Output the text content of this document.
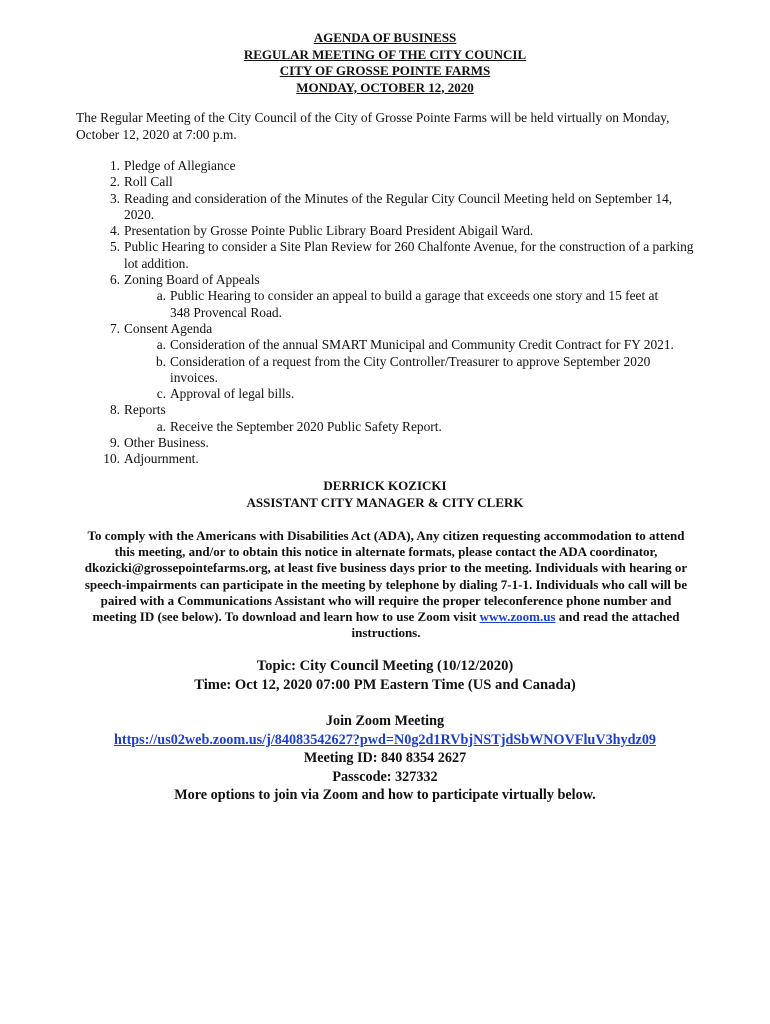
AGENDA OF BUSINESS
REGULAR MEETING OF THE CITY COUNCIL
CITY OF GROSSE POINTE FARMS
MONDAY, OCTOBER 12, 2020
The Regular Meeting of the City Council of the City of Grosse Pointe Farms will be held virtually on Monday, October 12, 2020 at 7:00 p.m.
1. Pledge of Allegiance
2. Roll Call
3. Reading and consideration of the Minutes of the Regular City Council Meeting held on September 14, 2020.
4. Presentation by Grosse Pointe Public Library Board President Abigail Ward.
5. Public Hearing to consider a Site Plan Review for 260 Chalfonte Avenue, for the construction of a parking lot addition.
6. Zoning Board of Appeals
a. Public Hearing to consider an appeal to build a garage that exceeds one story and 15 feet at 348 Provencal Road.
7. Consent Agenda
a. Consideration of the annual SMART Municipal and Community Credit Contract for FY 2021.
b. Consideration of a request from the City Controller/Treasurer to approve September 2020 invoices.
c. Approval of legal bills.
8. Reports
a. Receive the September 2020 Public Safety Report.
9. Other Business.
10. Adjournment.
DERRICK KOZICKI
ASSISTANT CITY MANAGER & CITY CLERK
To comply with the Americans with Disabilities Act (ADA), Any citizen requesting accommodation to attend this meeting, and/or to obtain this notice in alternate formats, please contact the ADA coordinator, dkozicki@grossepointefarms.org, at least five business days prior to the meeting. Individuals with hearing or speech-impairments can participate in the meeting by telephone by dialing 7-1-1. Individuals who call will be paired with a Communications Assistant who will require the proper teleconference phone number and meeting ID (see below). To download and learn how to use Zoom visit www.zoom.us and read the attached instructions.
Topic: City Council Meeting (10/12/2020)
Time: Oct 12, 2020 07:00 PM Eastern Time (US and Canada)
Join Zoom Meeting
https://us02web.zoom.us/j/84083542627?pwd=N0g2d1RVbjNSTjdSbWNOVFluV3hydz09
Meeting ID: 840 8354 2627
Passcode: 327332
More options to join via Zoom and how to participate virtually below.
